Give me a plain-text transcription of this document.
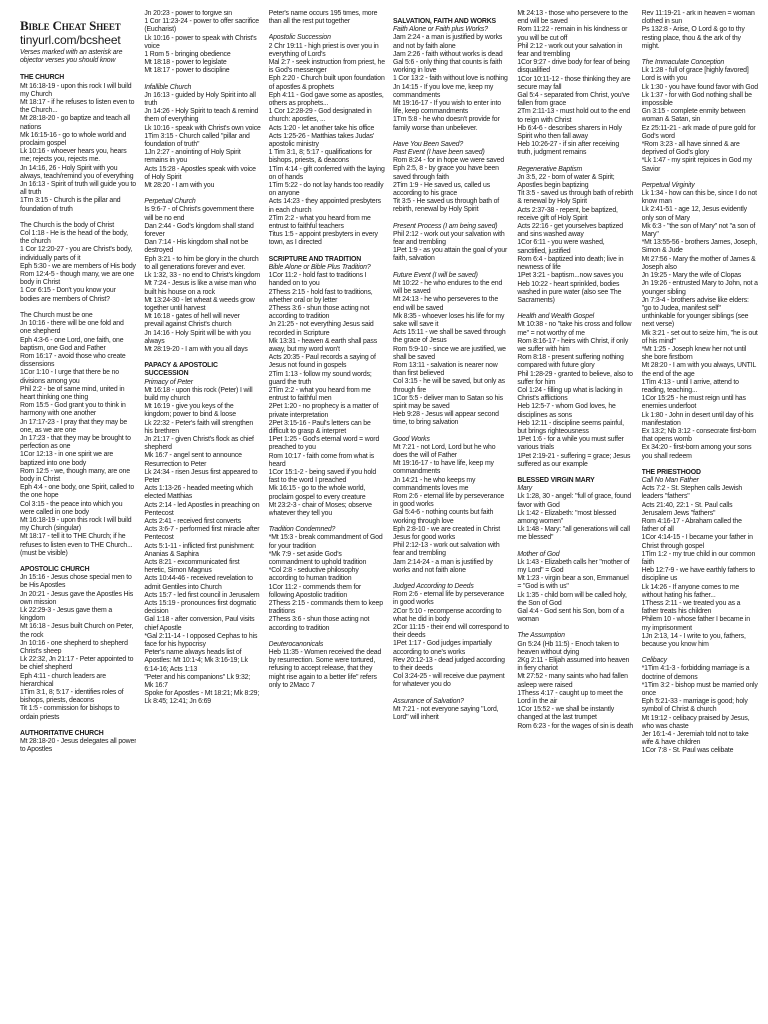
Bible Cheat Sheet
tinyurl.com/bcsheet
Verses marked with an asterisk are objector verses you should know
THE CHURCH
Mt 16:18-19 - upon this rock I will build my Church
Mt 18:17 - if he refuses to listen even to the Church...
Mt 28:18-20 - go baptize and teach all nations
Mk 16:15-16 - go to whole world and proclaim gospel
Lk 10:16 - whoever hears you, hears me; rejects you, rejects me.
Jn 14:16, 26 - Holy Spirit with you always, teach/remind you of everything
Jn 16:13 - Spirit of truth will guide you to all truth
1Tm 3:15 - Church is the pillar and foundation of truth
The Church is the body of Christ
Col 1:18 - He is the head of the body, the church
1 Cor 12:20-27 - you are Christ's body, individually parts of it
Eph 5:30 - we are members of His body
Rom 12:4-5 - though many, we are one body in Christ
1 Cor 6:15 - Don't you know your bodies are members of Christ?
The Church must be one
Jn 10:16 - there will be one fold and one shepherd
Eph 4:3-6 - one Lord, one faith, one baptism, one God and Father
Rom 16:17 - avoid those who create dissensions
1Cor 1:10 - I urge that there be no divisions among you
Phil 2:2 - be of same mind, united in heart thinking one thing
Rom 15:5 - God grant you to think in harmony with one another
Jn 17:17-23 - I pray that they may be one, as we are one
Jn 17:23 - that they may be brought to perfection as one
1Cor 12:13 - in one spirit we are baptized into one body
Rom 12:5 - we, though many, are one body in Christ
Eph 4:4 - one body, one Spirit, called to the one hope
Col 3:15 - the peace into which you were called in one body
Mt 16:18-19 - upon this rock I will build my Church (singular)
Mt 18:17 - tell it to THE Church; if he refuses to listen even to THE Church... (must be visible)
APOSTOLIC CHURCH
Jn 15:16 - Jesus chose special men to be His Apostles
Jn 20:21 - Jesus gave the Apostles His own mission
Lk 22:29-3 - Jesus gave them a kingdom
Mt 16:18 - Jesus built Church on Peter, the rock
Jn 10:16 - one shepherd to shepherd Christ's sheep
Lk 22:32, Jn 21:17 - Peter appointed to be chief shepherd
Eph 4:11 - church leaders are hierarchical
1Tim 3:1, 8; 5:17 - identifies roles of bishops, priests, deacons
Tit 1:5 - commission for bishops to ordain priests
AUTHORITATIVE CHURCH
Mt 28:18-20 - Jesus delegates all power to Apostles
Jn 20:23 - power to forgive sin
1 Cor 11:23-24 - power to offer sacrifice (Eucharist)
Lk 10:16 - power to speak with Christ's voice
1 Rom 5 - bringing obedience
Mt 18:18 - power to legislate
Mt 18:17 - power to discipline
Infallible Church
Jn 16:13 - guided by Holy Spirit into all truth
Jn 14:26 - Holy Spirit to teach & remind them of everything
Lk 10:16 - speak with Christ's own voice
1Tim 3:15 - Church called "pillar and foundation of truth"
1Jn 2:27 - anointing of Holy Spirit remains in you
Acts 15:28 - Apostles speak with voice of Holy Spirit
Mt 28:20 - I am with you
Perpetual Church
Is 9:6-7 - of Christ's government there will be no end
Dan 2:44 - God's kingdom shall stand forever
Dan 7:14 - His kingdom shall not be destroyed
Eph 3:21 - to him be glory in the church to all generations forever and ever.
Lk 1:32, 33 - no end to Christ's kingdom
Mt 7:24 - Jesus is like a wise man who built his house on a rock
Mt 13:24-30 - let wheat & weeds grow together until harvest
Mt 16:18 - gates of hell will never prevail against Christ's church
Jn 14:16 - Holy Spirit will be with you always
Mt 28:19-20 - I am with you all days
PAPACY & APOSTOLIC SUCCESSION
Primacy of Peter
Mt 16:18 - upon this rock (Peter) I will build my church
Mt 16:19 - give you keys of the kingdom; power to bind & loose
Lk 22:32 - Peter's faith will strengthen his brethren
Jn 21:17 - given Christ's flock as chief shepherd
Mk 16:7 - angel sent to announce Resurrection to Peter
Lk 24:34 - risen Jesus first appeared to Peter
Acts 1:13-26 - headed meeting which elected Matthias
Acts 2:14 - led Apostles in preaching on Pentecost
Acts 2:41 - received first converts
Acts 3:6-7 - performed first miracle after Pentecost
Acts 5:1-11 - inflicted first punishment: Ananias & Saphira
Acts 8:21 - excommunicated first heretic, Simon Magnus
Acts 10:44-46 - received revelation to admit Gentiles into Church
Acts 15:7 - led first council in Jerusalem
Acts 15:19 - pronounces first dogmatic decision
Gal 1:18 - after conversion, Paul visits chief Apostle
*Gal 2:11-14 - I opposed Cephas to his face for his hypocrisy
Peter's name always heads list of Apostles: Mt 10:1-4; Mk 3:16-19; Lk 6:14-16; Acts 1:13
"Peter and his companions" Lk 9:32; Mk 16:7
Spoke for Apostles - Mt 18:21; Mk 8:29; Lk 8:45; 12:41; Jn 6:69
Peter's name occurs 195 times, more than all the rest put together
Apostolic Succession
2 Chr 19:11 - high priest is over you in everything of Lord's
Mal 2:7 - seek instruction from priest, he is God's messenger
Eph 2:20 - Church built upon foundation of apostles & prophets
Eph 4:11 - God gave some as apostles, others as prophets...
1 Cor 12:28-29 - God designated in church: apostles, ...
Acts 1:20 - let another take his office
Acts 1:25-26 - Matthias takes Judas' apostolic ministry
1 Tim 3:1, 8; 5:17 - qualifications for bishops, priests, & deacons
1Tim 4:14 - gift conferred with the laying on of hands
1Tim 5:22 - do not lay hands too readily on anyone
Acts 14:23 - they appointed presbyters in each church
2Tim 2:2 - what you heard from me entrust to faithful teachers
Titus 1:5 - appoint presbyters in every town, as I directed
SCRIPTURE AND TRADITION
Bible Alone or Bible Plus Tradition?
1Cor 11:2 - hold fast to traditions I handed on to you
2Thess 2:15 - hold fast to traditions, whether oral or by letter
2Thess 3:6 - shun those acting not according to tradition
Jn 21:25 - not everything Jesus said recorded in Scripture
Mk 13:31 - heaven & earth shall pass away, but my word won't
Acts 20:35 - Paul records a saying of Jesus not found in gospels
2Tim 1:13 - follow my sound words; guard the truth
2Tim 2:2 - what you heard from me entrust to faithful men
2Pet 1:20 - no prophecy is a matter of private interpretation
2Pet 3:15-16 - Paul's letters can be difficult to grasp & interpret
1Pet 1:25 - God's eternal word = word preached to you
Rom 10:17 - faith come from what is heard
1Cor 15:1-2 - being saved if you hold fast to the word I preached
Mk 16:15 - go to the whole world, proclaim gospel to every creature
Mt 23:2-3 - chair of Moses; observe whatever they tell you
Tradition Condemned?
*Mt 15:3 - break commandment of God for your tradition
*Mk 7:9 - set aside God's commandment to uphold tradition
*Col 2:8 - seductive philosophy according to human tradition
1Cor 11:2 - commends them for following Apostolic tradition
2Thess 2:15 - commands them to keep traditions
2Thess 3:6 - shun those acting not according to tradition
Deuterocanonicals
Heb 11:35 - Women received the dead by resurrection. Some were tortured, refusing to accept release, that they might rise again to a better life" refers only to 2Macc 7
SALVATION, FAITH AND WORKS
Faith Alone or Faith plus Works?
Jam 2:24 - a man is justified by works and not by faith alone
Jam 2:26 - faith without works is dead
Gal 5:6 - only thing that counts is faith working in love
1 Cor 13:2 - faith without love is nothing
Jn 14:15 - If you love me, keep my commandments
Mt 19:16-17 - If you wish to enter into life, keep commandments
1Tm 5:8 - he who doesn't provide for family worse than unbeliever.
Have You Been Saved?
Past Event (I have been saved)
Rom 8:24 - for in hope we were saved
Eph 2:5, 8 - by grace you have been saved through faith
2Tim 1:9 - He saved us, called us according to his grace
Tit 3:5 - He saved us through bath of rebirth, renewal by Holy Spirit
Present Process (I am being saved)
Phil 2:12 - work out your salvation with fear and trembling
1Pet 1:9 - as you attain the goal of your faith, salvation
Future Event (I will be saved)
Mt 10:22 - he who endures to the end will be saved
Mt 24:13 - he who perseveres to the end will be saved
Mk 8:35 - whoever loses his life for my sake will save it
Acts 15:11 - we shall be saved through the grace of Jesus
Rom 5:9-10 - since we are justified, we shall be saved
Rom 13:11 - salvation is nearer now than first believed
Col 3:15 - he will be saved, but only as through fire
1Cor 5:5 - deliver man to Satan so his spirit may be saved
Heb 9:28 - Jesus will appear second time, to bring salvation
Good Works
Mt 7:21 - not Lord, Lord but he who does the will of Father
Mt 19:16-17 - to have life, keep my commandments
Jn 14:21 - he who keeps my commandments loves me
Rom 2:6 - eternal life by perseverance in good works
Gal 5:4-6 - nothing counts but faith working through love
Eph 2:8-10 - we are created in Christ Jesus for good works
Phil 2:12-13 - work out salvation with fear and trembling
Jam 2:14-24 - a man is justified by works and not faith alone
Judged According to Deeds
Rom 2:6 - eternal life by perseverance in good works
2Cor 5:10 - recompense according to what he did in body
2Cor 11:15 - their end will correspond to their deeds
1Pet 1:17 - God judges impartially according to one's works
Rev 20:12-13 - dead judged according to their deeds
Col 3:24-25 - will receive due payment for whatever you do
Assurance of Salvation?
Mt 7:21 - not everyone saying "Lord, Lord" will inherit
Mt 24:13 - those who persevere to the end will be saved
Rom 11:22 - remain in his kindness or you will be cut off
Phil 2:12 - work out your salvation in fear and trembling
1Cor 9:27 - drive body for fear of being disqualified
1Cor 10:11-12 - those thinking they are secure may fall
Gal 5:4 - separated from Christ, you've fallen from grace
2Tm 2:11-13 - must hold out to the end to reign with Christ
Hb 6:4-6 - describes sharers in Holy Spirit who then fall away
Heb 10:26-27 - if sin after receiving truth, judgment remains
Regenerative Baptism
Jn 3:5, 22 - born of water & Spirit; Apostles begin baptizing
Tit 3:5 - saved us through bath of rebirth & renewal by Holy Spirit
Acts 2:37-38 - repent, be baptized, receive gift of Holy Spirit
Acts 22:16 - get yourselves baptized and sins washed away
1Cor 6:11 - you were washed, sanctified, justified
Rom 6:4 - baptized into death; live in newness of life
1Pet 3:21 - baptism...now saves you
Heb 10:22 - heart sprinkled, bodies washed in pure water (also see The Sacraments)
Health and Wealth Gospel
Mt 10:38 - no "take his cross and follow me" = not worthy of me
Rom 8:16-17 - heirs with Christ, if only we suffer with him
Rom 8:18 - present suffering nothing compared with future glory
Phil 1:28-29 - granted to believe, also to suffer for him
Col 1:24 - filling up what is lacking in Christ's afflictions
Heb 12:5-7 - whom God loves, he disciplines as sons
Heb 12:11 - discipline seems painful, but brings righteousness
1Pet 1:6 - for a while you must suffer various trials
1Pet 2:19-21 - suffering = grace; Jesus suffered as our example
BLESSED VIRGIN MARY
Mary
Lk 1:28, 30 - angel: "full of grace, found favor with God
Lk 1:42 - Elizabeth: "most blessed among women"
Lk 1:48 - Mary: "all generations will call me blessed"
Mother of God
Lk 1:43 - Elizabeth calls her "mother of my Lord" = God
Mt 1:23 - virgin bear a son, Emmanuel = "God is with us"
Lk 1:35 - child born will be called holy, the Son of God
Gal 4:4 - God sent his Son, born of a woman
The Assumption
Gn 5:24 (Hb 11:5) - Enoch taken to heaven without dying
2Kg 2:11 - Elijah assumed into heaven in fiery chariot
Mt 27:52 - many saints who had fallen asleep were raised
1Thess 4:17 - caught up to meet the Lord in the air
1Cor 15:52 - we shall be instantly changed at the last trumpet
Rom 6:23 - for the wages of sin is death
Rev 11:19-21 - ark in heaven = woman clothed in sun
Ps 132:8 - Arise, O Lord & go to thy resting place, thou & the ark of thy might.
The Immaculate Conception
Lk 1:28 - full of grace [highly favored] Lord is with you
Lk 1:30 - you have found favor with God
Lk 1:37 - for with God nothing shall be impossible
Gn 3:15 - complete enmity between woman & Satan, sin
Ez 25:11-21 - ark made of pure gold for God's word
*Rom 3:23 - all have sinned & are deprived of God's glory
*Lk 1:47 - my spirit rejoices in God my Savior
Perpetual Virginity
Lk 1:34 - how can this be, since I do not know man
Lk 2:41-51 - age 12, Jesus evidently only son of Mary
Mk 6:3 - "the son of Mary" not "a son of Mary"
*Mt 13:55-56 - brothers James, Joseph, Simon & Jude
Mt 27:56 - Mary the mother of James & Joseph also
Jn 19:25 - Mary the wife of Clopas
Jn 19:26 - entrusted Mary to John, not a younger sibling
Jn 7:3-4 - brothers advise like elders: "go to Judea, manifest self"
unthinkable for younger siblings (see next verse)
Mk 3:21 - set out to seize him, "he is out of his mind"
*Mt 1:25 - Joseph knew her not until she bore firstborn
Mt 28:20 - I am with you always, UNTIL the end of the age
1Tim 4:13 - until I arrive, attend to reading, teaching...
1Cor 15:25 - he must reign until has enemies underfoot
Lk 1:80 - John in desert until day of his manifestation
Ex 13:2; Nb 3:12 - consecrate first-born that opens womb
Ex 34:20 - first-born among your sons you shall redeem
THE PRIESTHOOD
Call No Man Father
Acts 7:2 - St. Stephen calls Jewish leaders "fathers"
Acts 21:40, 22:1 - St. Paul calls Jerusalem Jews "fathers"
Rom 4:16-17 - Abraham called the father of all
1Cor 4:14-15 - I became your father in Christ through gospel
1Tim 1:2 - my true child in our common faith
Heb 12:7-9 - we have earthly fathers to discipline us
Lk 14:26 - If anyone comes to me without hating his father...
1Thess 2:11 - we treated you as a father treats his children
Philem 10 - whose father I became in my imprisonment
1Jn 2:13, 14 - I write to you, fathers, because you know him
Celibacy
*1Tim 4:1-3 - forbidding marriage is a doctrine of demons
*1Tim 3:2 - bishop must be married only once
Eph 5:21-33 - marriage is good; holy symbol of Christ & church
Mt 19:12 - celibacy praised by Jesus, who was chaste
Jer 16:1-4 - Jeremiah told not to take wife & have children
1Cor 7:8 - St. Paul was celibate
